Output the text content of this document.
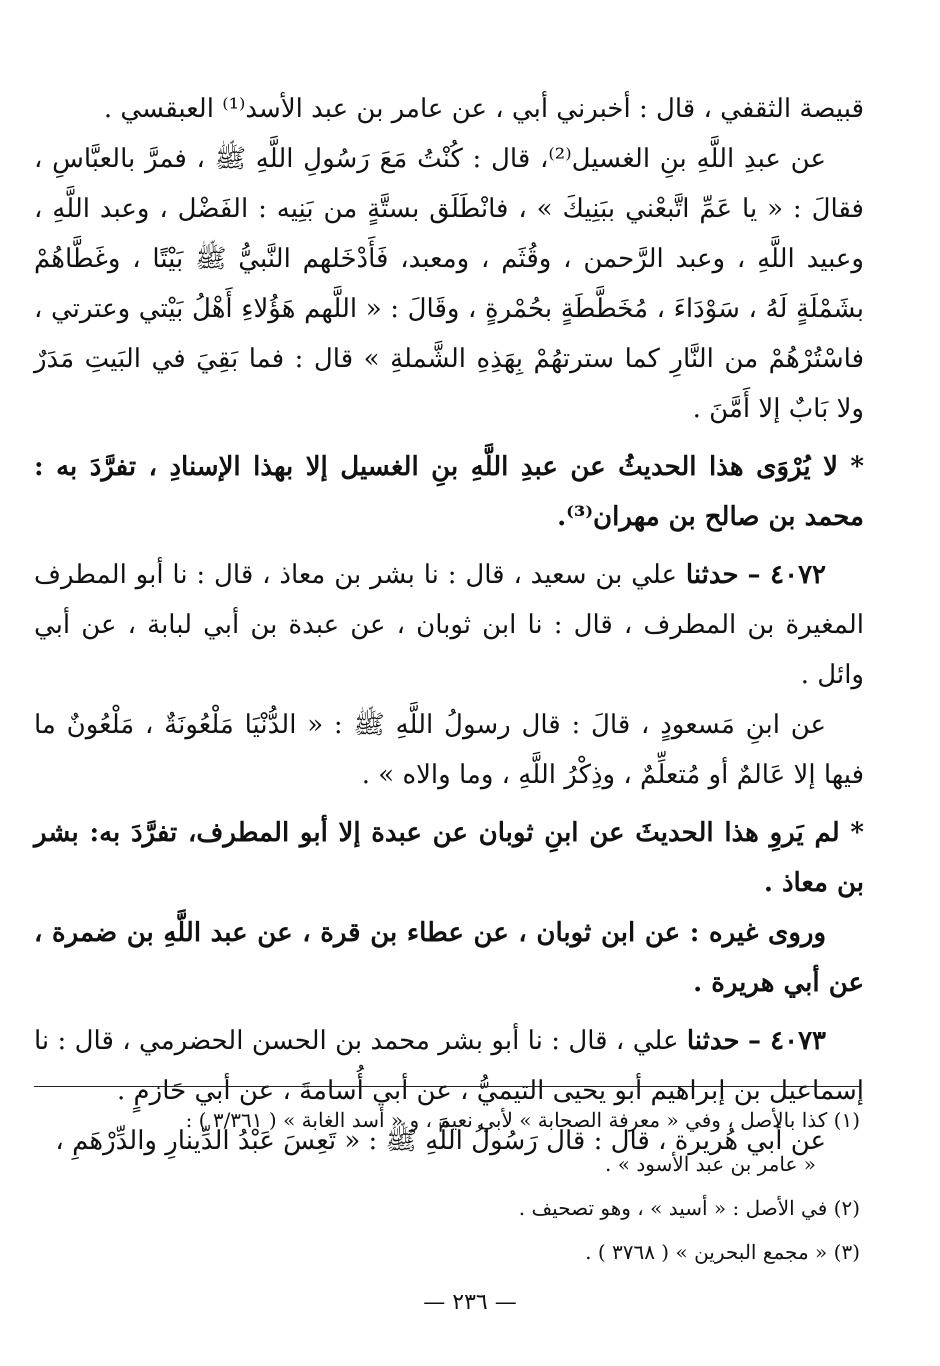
قبيصة الثقفي ، قال : أخبرني أبي ، عن عامر بن عبد الأسد⁽¹⁾ العبقسي .

عن عبدِ اللَّهِ بنِ الغسيل⁽²⁾، قال : كُنْتُ مَعَ رَسُولِ اللَّهِ ﷺ ، فمرَّ بالعبَّاسِ ، فقالَ : « يا عَمِّ اتَّبعْني ببَنِيكَ » ، فانْطَلَق بستَّةٍ من بَنِيه : الفَضْل ، وعبد اللَّهِ ، وعبيد اللَّهِ ، وعبد الرَّحمن ، وقُثَم ، ومعبد، فَأَدْخَلهم النَّبيُّ ﷺ بَيْتًا ، وغَطَّاهُمْ بشَمْلَةٍ لَهُ ، سَوْدَاءَ ، مُخَطَّطَةٍ بحُمْرةٍ ، وقَالَ : « اللَّهم هَؤُلاءِ أَهْلُ بَيْتي وعترتي ، فاسْتُرْهُمْ من النَّارِ كما سترتهُمْ بِهَذِهِ الشَّملةِ » قال : فما بَقِيَ في البَيتِ مَدَرٌ ولا بَابٌ إلا أَمَّنَ .

* لا يُرْوَى هذا الحديثُ عن عبدِ اللَّهِ بنِ الغسيل إلا بهذا الإسنادِ ، تفرَّدَ به : محمد بن صالح بن مهران⁽³⁾.

٤٠٧٢ – حدثنا علي بن سعيد ، قال : نا بشر بن معاذ ، قال : نا أبو المطرف المغيرة بن المطرف ، قال : نا ابن ثوبان ، عن عبدة بن أبي لبابة ، عن أبي وائل .

عن ابنِ مَسعودٍ ، قالَ : قال رسولُ اللَّهِ ﷺ : « الدُّنْيَا مَلْعُونَةٌ ، مَلْعُونٌ ما فيها إلا عَالمٌ أو مُتعلِّمٌ ، وذِكْرُ اللَّهِ ، وما والاه » .

* لم يَروِ هذا الحديثَ عن ابنِ ثوبان عن عبدة إلا أبو المطرف، تفرَّدَ به: بشر بن معاذ .

وروى غيره : عن ابن ثوبان ، عن عطاء بن قرة ، عن عبد اللَّهِ بن ضمرة ، عن أبي هريرة .

٤٠٧٣ – حدثنا علي ، قال : نا أبو بشر محمد بن الحسن الحضرمي ، قال : نا إسماعيل بن إبراهيم أبو يحيى التيميُّ ، عن أبي أُسامةَ ، عن أبي حَازمٍ .

عن أبي هُريرة ، قال : قال رَسُولُ اللَّهِ ﷺ : « تَعِسَ عَبْدُ الدِّينارِ والدِّرْهَمِ ،

(١) كذا بالأصل ، وفي « معرفة الصحابة » لأبي نعيم ، و « أسد الغابة » ( ٣/٣٦١ ) :

« عامر بن عبد الأسود » .

(٢) في الأصل : « أسيد » ، وهو تصحيف .

(٣) « مجمع البحرين » ( ٣٧٦٨ ) .

— ٢٣٦ —
